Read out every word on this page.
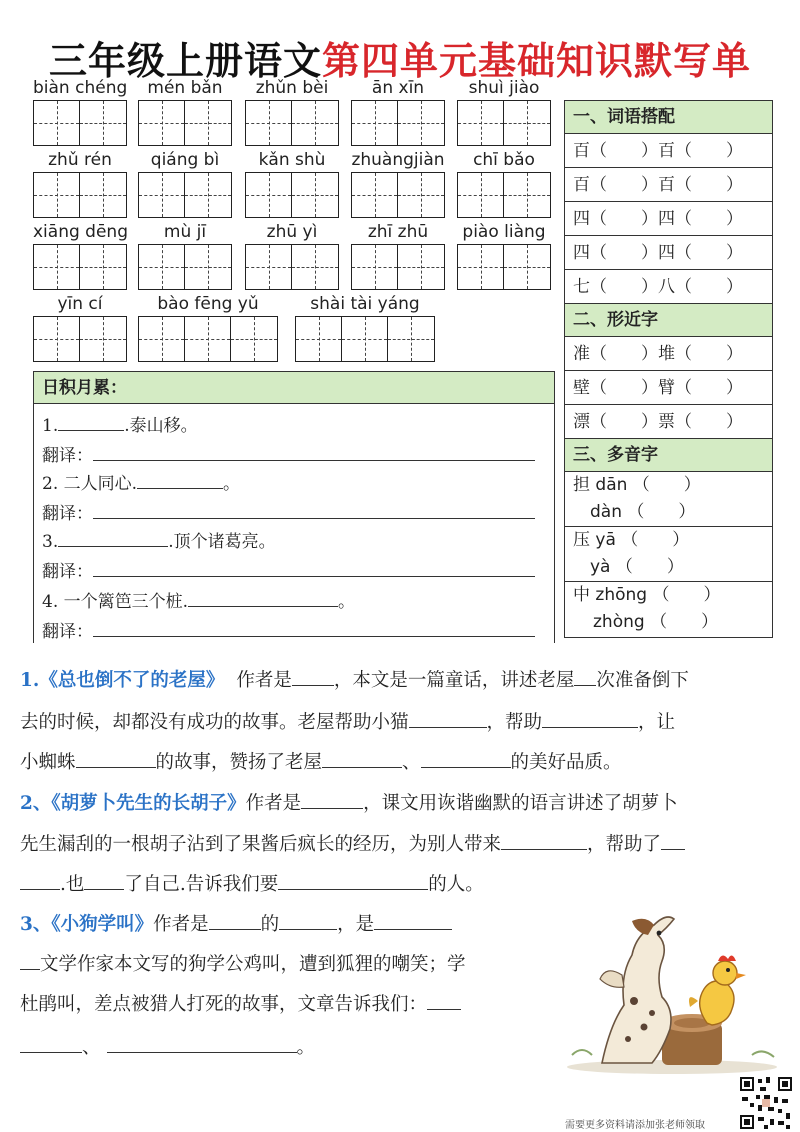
三年级上册语文第四单元基础知识默写单
biàn chéng	mén bǎn	zhǔn bèi	ān xīn	shuì jiào
zhǔ rén	qiáng bì	kǎn shù	zhuàngjiàn	chī bǎo
xiāng dēng	mù jī	zhū yì	zhī zhū	piào liàng
yīn cí	bào fēng yǔ	shài tài yáng
一、词语搭配
百（　　）百（　　）
百（　　）百（　　）
四（　　）四（　　）
四（　　）四（　　）
七（　　）八（　　）
二、形近字
准（　　）堆（　　）
壁（　　）臂（　　）
漂（　　）票（　　）
三、多音字
担 dān （　　）
　dàn （　　）
压 yā （　　）
　yà （　　）
中 zhōng （　　）
zhòng （　　）
日积月累：
1.	.泰山移。
翻译：
2. 二人同心.	。
翻译：
3.	.顶个诸葛亮。
翻译：
4. 一个篱笆三个桩.	。
翻译：
1.《总也倒不了的老屋》 作者是 ，本文是一篇童话，讲述老屋 次准备倒下
去的时候，却都没有成功的故事。老屋帮助小猫	，帮助	，让
小蜘蛛	的故事，赞扬了老屋	、	的美好品质。
2、《胡萝卜先生的长胡子》作者是	，课文用诙谐幽默的语言讲述了胡萝卜
先生漏刮的一根胡子沾到了果酱后疯长的经历，为别人带来	，帮助了
.也 了自己.告诉我们要	的人。
3、《小狗学叫》作者是	的	，是
文学作家本文写的狗学公鸡叫，遭到狐狸的嘲笑；学
杜鹃叫，差点被猎人打死的故事，文章告诉我们：
、	。
需要更多资料请添加张老师领取
